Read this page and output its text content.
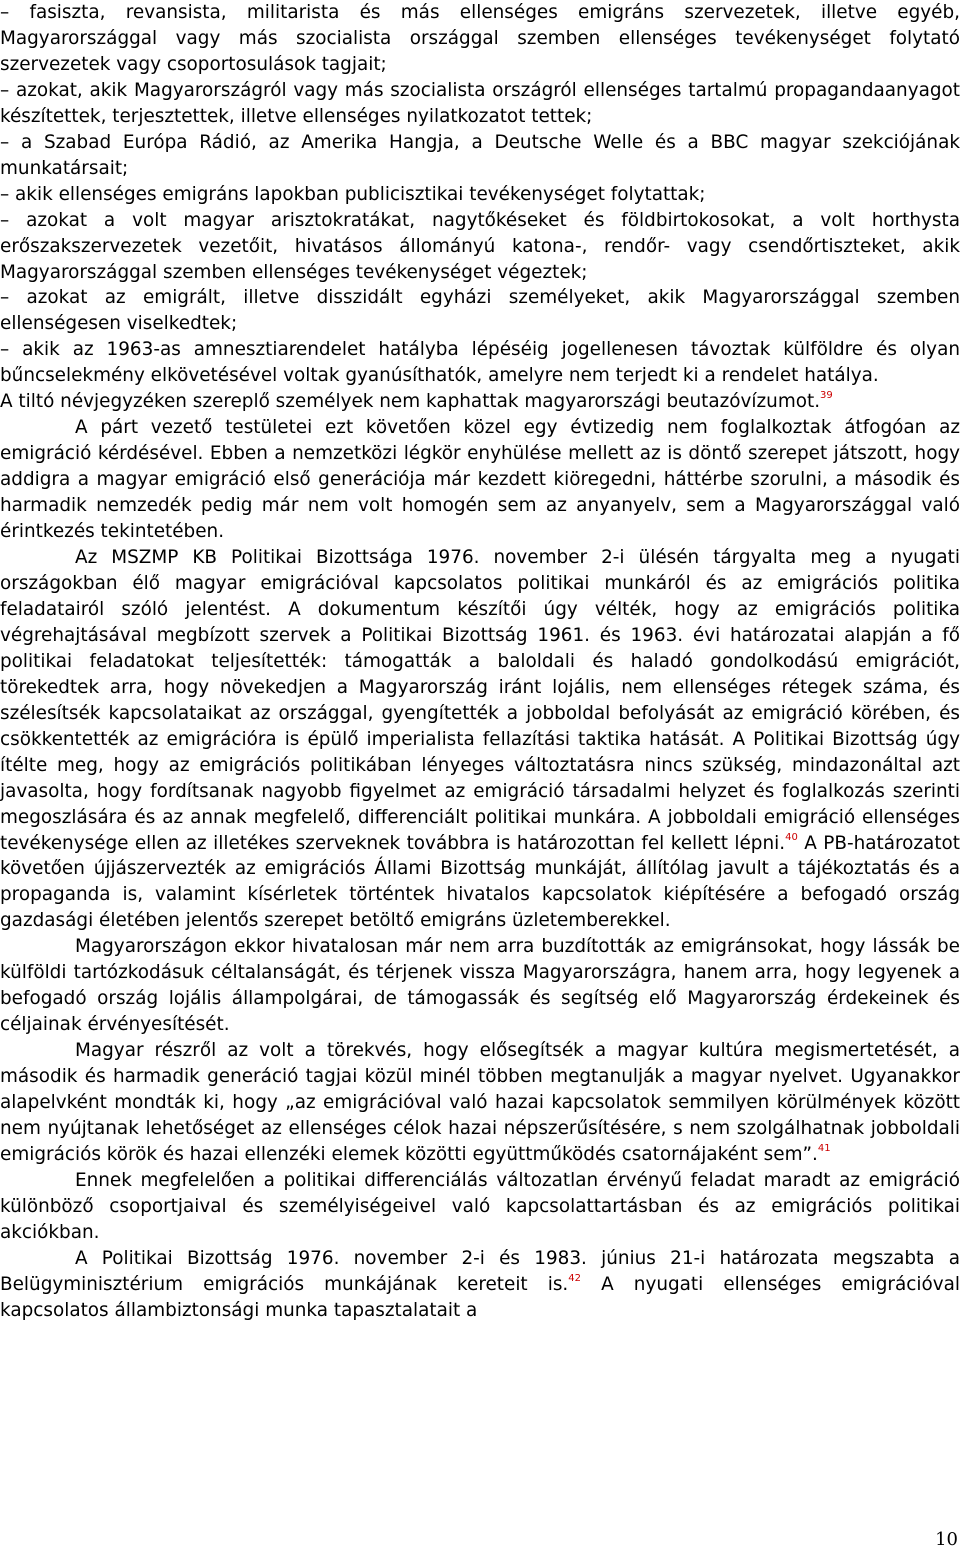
– fasiszta, revansista, militarista és más ellenséges emigráns szervezetek, illetve egyéb, Magyarországgal vagy más szocialista országgal szemben ellenséges tevékenységet folytató szervezetek vagy csoportosulások tagjait;

– azokat, akik Magyarországról vagy más szocialista országról ellenséges tartalmú propagandaanyagot készítettek, terjesztettek, illetve ellenséges nyilatkozatot tettek;

– a Szabad Európa Rádió, az Amerika Hangja, a Deutsche Welle és a BBC magyar szekciójának munkatársait;

– akik ellenséges emigráns lapokban publicisztikai tevékenységet folytattak;

– azokat a volt magyar arisztokratákat, nagytőkéseket és földbirtokosokat, a volt horthysta erőszakszervezetek vezetőit, hivatásos állományú katona-, rendőr- vagy csendőrtiszteket, akik Magyarországgal szemben ellenséges tevékenységet végeztek;

– azokat az emigrált, illetve disszidált egyházi személyeket, akik Magyarországgal szemben ellenségesen viselkedtek;

– akik az 1963-as amnesztiarendelet hatályba lépéséig jogellenesen távoztak külföldre és olyan bűncselekmény elkövetésével voltak gyanúsíthatók, amelyre nem terjedt ki a rendelet hatálya.

A tiltó névjegyzéken szereplő személyek nem kaphattak magyarországi beutazóvízumot.$^{39}$

A párt vezető testületei ezt követően közel egy évtizedig nem foglalkoztak átfogóan az emigráció kérdésével. Ebben a nemzetközi légkör enyhülése mellett az is döntő szerepet játszott, hogy addigra a magyar emigráció első generációja már kezdett kiöregedni, háttérbe szorulni, a második és harmadik nemzedék pedig már nem volt homogén sem az anyanyelv, sem a Magyarországgal való érintkezés tekintetében.

Az MSZMP KB Politikai Bizottsága 1976. november 2-i ülésén tárgyalta meg a nyugati országokban élő magyar emigrációval kapcsolatos politikai munkáról és az emigrációs politika feladatairól szóló jelentést. A dokumentum készítői úgy vélték, hogy az emigrációs politika végrehajtásával megbízott szervek a Politikai Bizottság 1961. és 1963. évi határozatai alapján a fő politikai feladatokat teljesítették: támogatták a baloldali és haladó gondolkodású emigrációt, törekedtek arra, hogy növekedjen a Magyarország iránt lojális, nem ellenséges rétegek száma, és szélesítsék kapcsolataikat az országgal, gyengítették a jobboldal befolyását az emigráció körében, és csökkentették az emigrációra is épülő imperialista fellazítási taktika hatását. A Politikai Bizottság úgy ítélte meg, hogy az emigrációs politikában lényeges változtatásra nincs szükség, mindazonáltal azt javasolta, hogy fordítsanak nagyobb figyelmet az emigráció társadalmi helyzet és foglalkozás szerinti megoszlására és az annak megfelelő, differenciált politikai munkára. A jobboldali emigráció ellenséges tevékenysége ellen az illetékes szerveknek továbbra is határozottan fel kellett lépni.$^{40}$ A PB-határozatot követően újjászervezték az emigrációs Állami Bizottság munkáját, állítólag javult a tájékoztatás és a propaganda is, valamint kísérletek történtek hivatalos kapcsolatok kiépítésére a befogadó ország gazdasági életében jelentős szerepet betöltő emigráns üzletemberekkel.

Magyarországon ekkor hivatalosan már nem arra buzdították az emigránsokat, hogy lássák be külföldi tartózkodásuk céltalanságát, és térjenek vissza Magyarországra, hanem arra, hogy legyenek a befogadó ország lojális állampolgárai, de támogassák és segítség elő Magyarország érdekeinek és céljainak érvényesítését.

Magyar részről az volt a törekvés, hogy elősegítsék a magyar kultúra megismertetését, a második és harmadik generáció tagjai közül minél többen megtanulják a magyar nyelvet. Ugyanakkor alapelvként mondták ki, hogy „az emigrációval való hazai kapcsolatok semmilyen körülmények között nem nyújtanak lehetőséget az ellenséges célok hazai népszerűsítésére, s nem szolgálhatnak jobboldali emigrációs körök és hazai ellenzéki elemek közötti együttműködés csatornájaként sem”.$^{41}$

Ennek megfelelően a politikai differenciálás változatlan érvényű feladat maradt az emigráció különböző csoportjaival és személyiségeivel való kapcsolattartásban és az emigrációs politikai akciókban.

A Politikai Bizottság 1976. november 2-i és 1983. június 21-i határozata megszabta a Belügyminisztérium emigrációs munkájának kereteit is.$^{42}$ A nyugati ellenséges emigrációval kapcsolatos állambiztonsági munka tapasztalatait a

10
